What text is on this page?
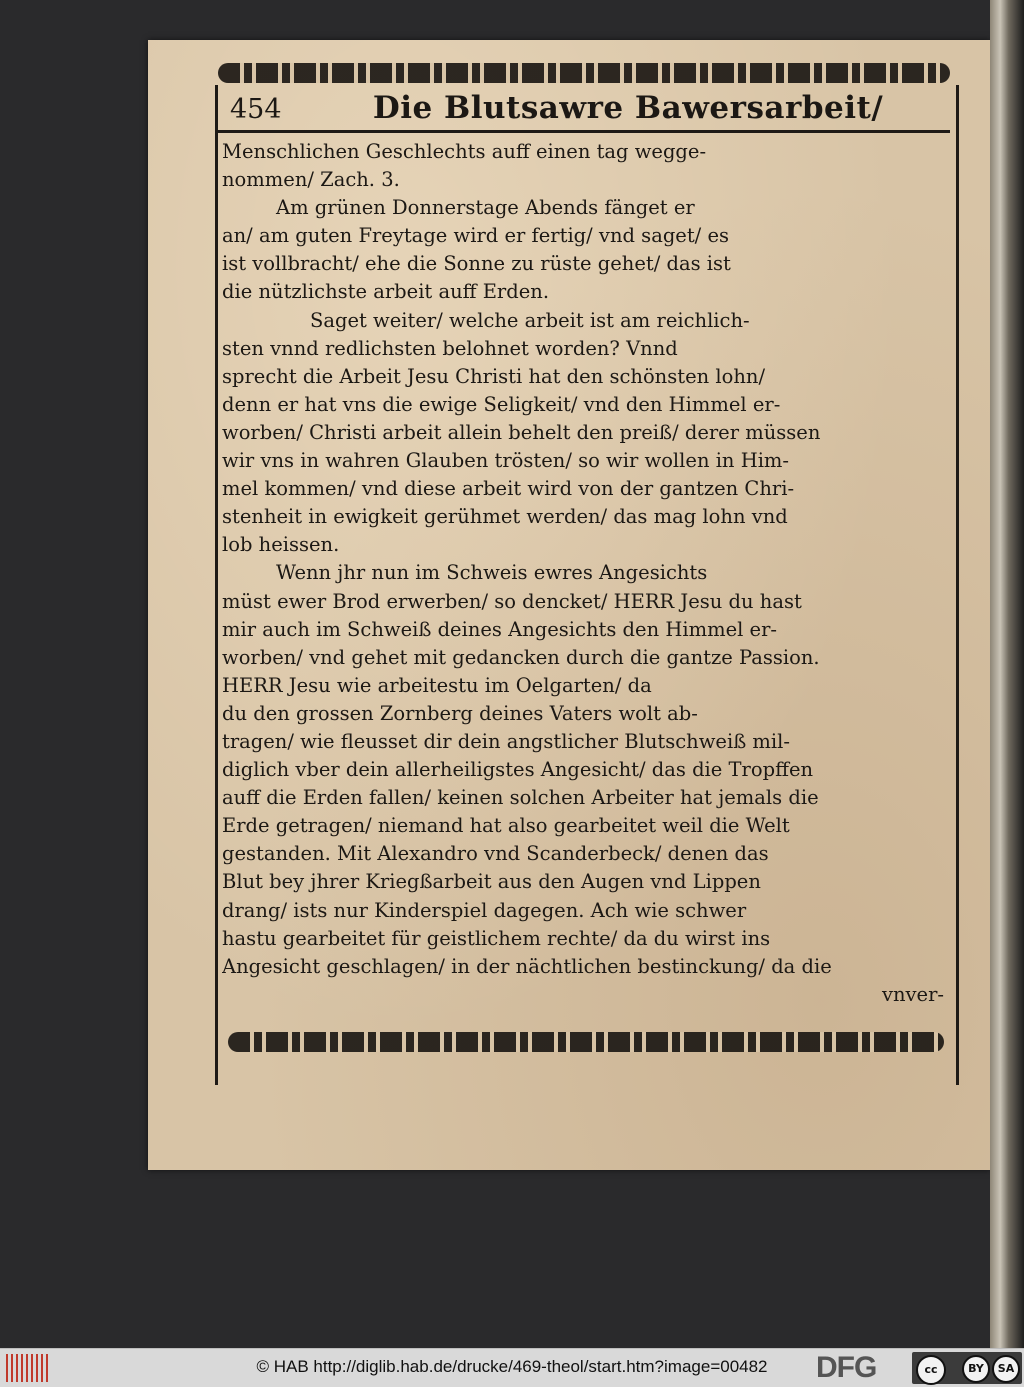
454	Die Blutsawre Bawersarbeit/
Menschlichen Geschlechts auff einen tag wegge-
nommen/ Zach. 3.
Am grünen Donnerstage Abends fänget er
an/ am guten Freytage wird er fertig/ vnd saget/ es
ist vollbracht/ ehe die Sonne zu rüste gehet/ das ist
die nützlichste arbeit auff Erden.
Saget weiter/ welche arbeit ist am reichlich-
sten vnnd redlichsten belohnet worden? Vnnd
sprecht die Arbeit Jesu Christi hat den schönsten lohn/
denn er hat vns die ewige Seligkeit/ vnd den Himmel er-
worben/ Christi arbeit allein behelt den preiß/ derer müssen
wir vns in wahren Glauben trösten/ so wir wollen in Him-
mel kommen/ vnd diese arbeit wird von der gantzen Chri-
stenheit in ewigkeit gerühmet werden/ das mag lohn vnd
lob heissen.
Wenn jhr nun im Schweis ewres Angesichts
müst ewer Brod erwerben/ so dencket/ HERR Jesu du hast
mir auch im Schweiß deines Angesichts den Himmel er-
worben/ vnd gehet mit gedancken durch die gantze Passion.
HERR Jesu wie arbeitestu im Oelgarten/ da
du den grossen Zornberg deines Vaters wolt ab-
tragen/ wie fleusset dir dein angstlicher Blutschweiß mil-
diglich vber dein allerheiligstes Angesicht/ das die Tropffen
auff die Erden fallen/ keinen solchen Arbeiter hat jemals die
Erde getragen/ niemand hat also gearbeitet weil die Welt
gestanden. Mit Alexandro vnd Scanderbeck/ denen das
Blut bey jhrer Kriegßarbeit aus den Augen vnd Lippen
drang/ ists nur Kinderspiel dagegen. Ach wie schwer
hastu gearbeitet für geistlichem rechte/ da du wirst ins
Angesicht geschlagen/ in der nächtlichen bestinckung/ da die
vnver-
© HAB http://diglib.hab.de/drucke/469-theol/start.htm?image=00482	DFG	cc	BY	SA
